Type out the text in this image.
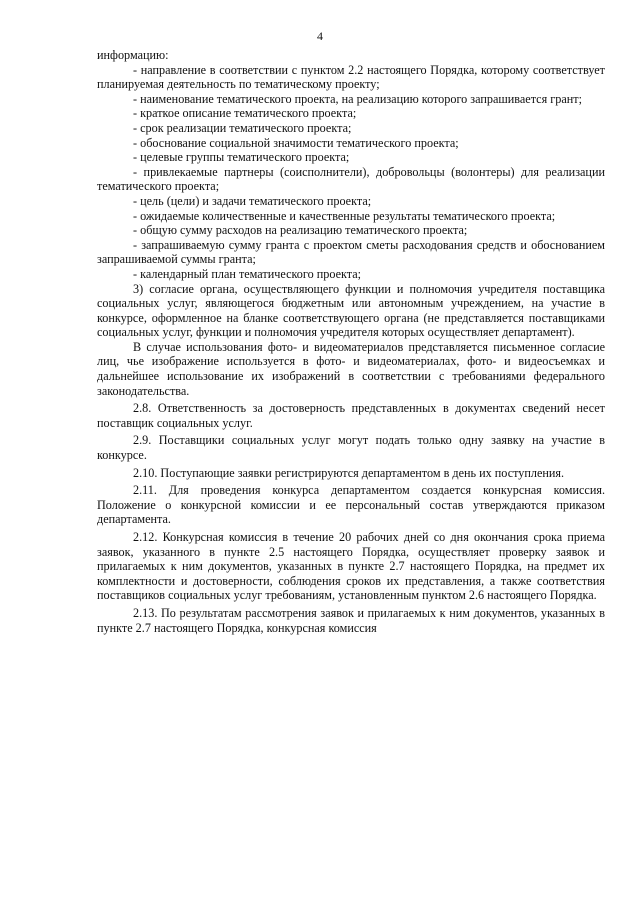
4

информацию:

- направление в соответствии с пунктом 2.2 настоящего Порядка, которому соответствует планируемая деятельность по тематическому проекту;

- наименование тематического проекта, на реализацию которого запрашивается грант;

- краткое описание тематического проекта;

- срок реализации тематического проекта;

- обоснование социальной значимости тематического проекта;

- целевые группы тематического проекта;

- привлекаемые партнеры (соисполнители), добровольцы (волонтеры) для реализации тематического проекта;

- цель (цели) и задачи тематического проекта;

- ожидаемые количественные и качественные результаты тематического проекта;

- общую сумму расходов на реализацию тематического проекта;

- запрашиваемую сумму гранта с проектом сметы расходования средств и обоснованием запрашиваемой суммы гранта;

- календарный план тематического проекта;

3) согласие органа, осуществляющего функции и полномочия учредителя поставщика социальных услуг, являющегося бюджетным или автономным учреждением, на участие в конкурсе, оформленное на бланке соответствующего органа (не представляется поставщиками социальных услуг, функции и полномочия учредителя которых осуществляет департамент).

В случае использования фото- и видеоматериалов представляется письменное согласие лиц, чье изображение используется в фото- и видеоматериалах, фото- и видеосъемках и дальнейшее использование их изображений в соответствии с требованиями федерального законодательства.

2.8. Ответственность за достоверность представленных в документах сведений несет поставщик социальных услуг.

2.9. Поставщики социальных услуг могут подать только одну заявку на участие в конкурсе.

2.10. Поступающие заявки регистрируются департаментом в день их поступления.

2.11. Для проведения конкурса департаментом создается конкурсная комиссия. Положение о конкурсной комиссии и ее персональный состав утверждаются приказом департамента.

2.12. Конкурсная комиссия в течение 20 рабочих дней со дня окончания срока приема заявок, указанного в пункте 2.5 настоящего Порядка, осуществляет проверку заявок и прилагаемых к ним документов, указанных в пункте 2.7 настоящего Порядка, на предмет их комплектности и достоверности, соблюдения сроков их представления, а также соответствия поставщиков социальных услуг требованиям, установленным пунктом 2.6 настоящего Порядка.

2.13. По результатам рассмотрения заявок и прилагаемых к ним документов, указанных в пункте 2.7 настоящего Порядка, конкурсная комиссия
